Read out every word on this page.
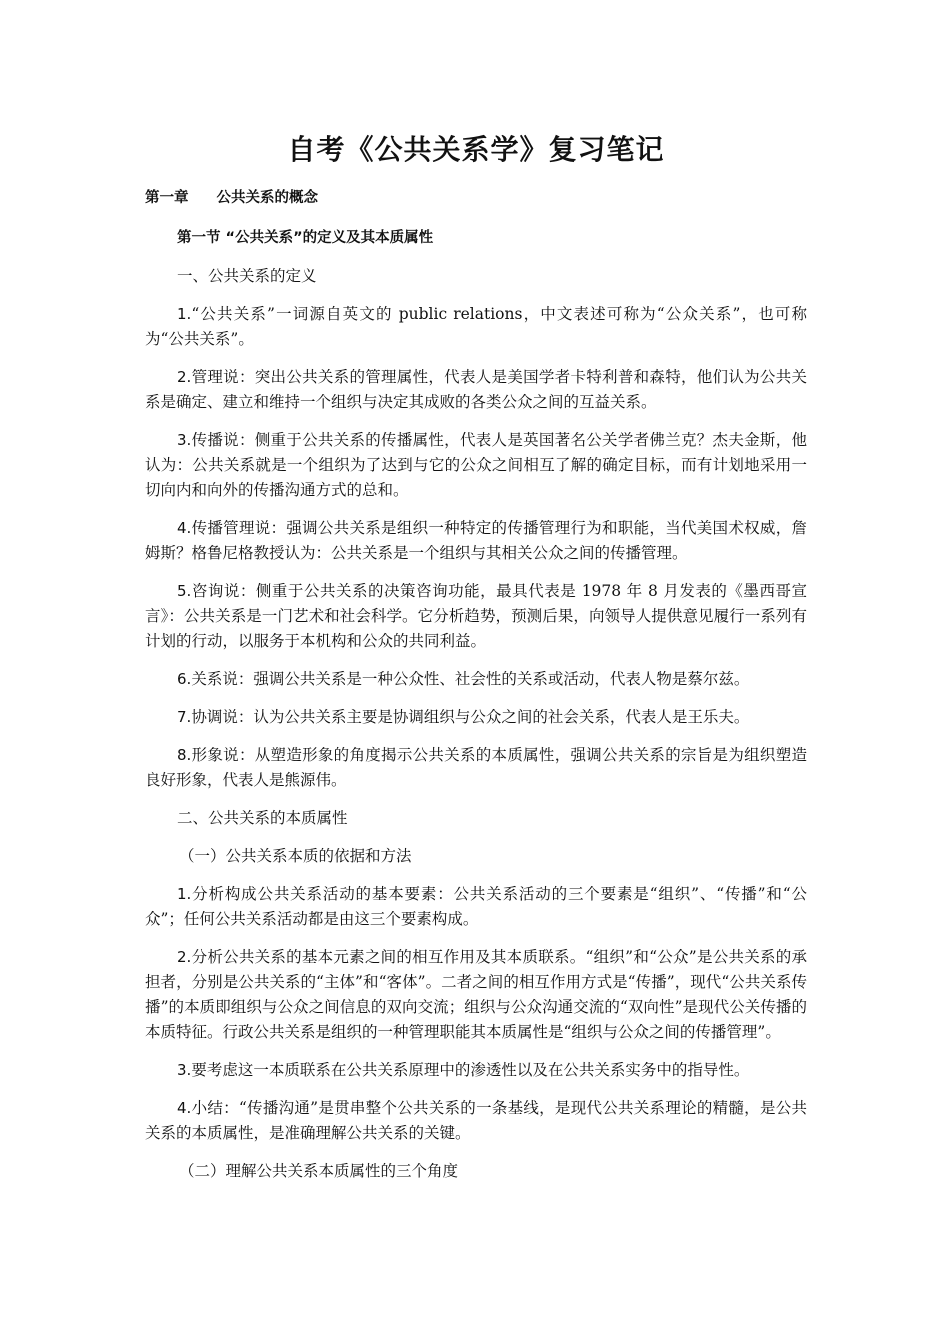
自考《公共关系学》复习笔记
第一章 公共关系的概念
第一节 “公共关系”的定义及其本质属性
一、公共关系的定义

1.“公共关系”一词源自英文的 public relations，中文表述可称为“公众关系”，也可称为“公共关系”。

2.管理说：突出公共关系的管理属性，代表人是美国学者卡特利普和森特，他们认为公共关系是确定、建立和维持一个组织与决定其成败的各类公众之间的互益关系。

3.传播说：侧重于公共关系的传播属性，代表人是英国著名公关学者佛兰克？杰夫金斯，他认为：公共关系就是一个组织为了达到与它的公众之间相互了解的确定目标，而有计划地采用一切向内和向外的传播沟通方式的总和。

4.传播管理说：强调公共关系是组织一种特定的传播管理行为和职能，当代美国术权威，詹姆斯？格鲁尼格教授认为：公共关系是一个组织与其相关公众之间的传播管理。

5.咨询说：侧重于公共关系的决策咨询功能，最具代表是 1978 年 8 月发表的《墨西哥宣言》：公共关系是一门艺术和社会科学。它分析趋势，预测后果，向领导人提供意见履行一系列有计划的行动，以服务于本机构和公众的共同利益。

6.关系说：强调公共关系是一种公众性、社会性的关系或活动，代表人物是蔡尔兹。

7.协调说：认为公共关系主要是协调组织与公众之间的社会关系，代表人是王乐夫。

8.形象说：从塑造形象的角度揭示公共关系的本质属性，强调公共关系的宗旨是为组织塑造良好形象，代表人是熊源伟。

二、公共关系的本质属性
（一）公共关系本质的依据和方法

1.分析构成公共关系活动的基本要素：公共关系活动的三个要素是“组织”、“传播”和“公众”；任何公共关系活动都是由这三个要素构成。

2.分析公共关系的基本元素之间的相互作用及其本质联系。“组织”和“公众”是公共关系的承担者，分别是公共关系的“主体”和“客体”。二者之间的相互作用方式是“传播”，现代“公共关系传播”的本质即组织与公众之间信息的双向交流；组织与公众沟通交流的“双向性”是现代公关传播的本质特征。行政公共关系是组织的一种管理职能其本质属性是“组织与公众之间的传播管理”。

3.要考虑这一本质联系在公共关系原理中的渗透性以及在公共关系实务中的指导性。

4.小结：“传播沟通”是贯串整个公共关系的一条基线，是现代公共关系理论的精髓，是公共关系的本质属性，是准确理解公共关系的关键。

（二）理解公共关系本质属性的三个角度
